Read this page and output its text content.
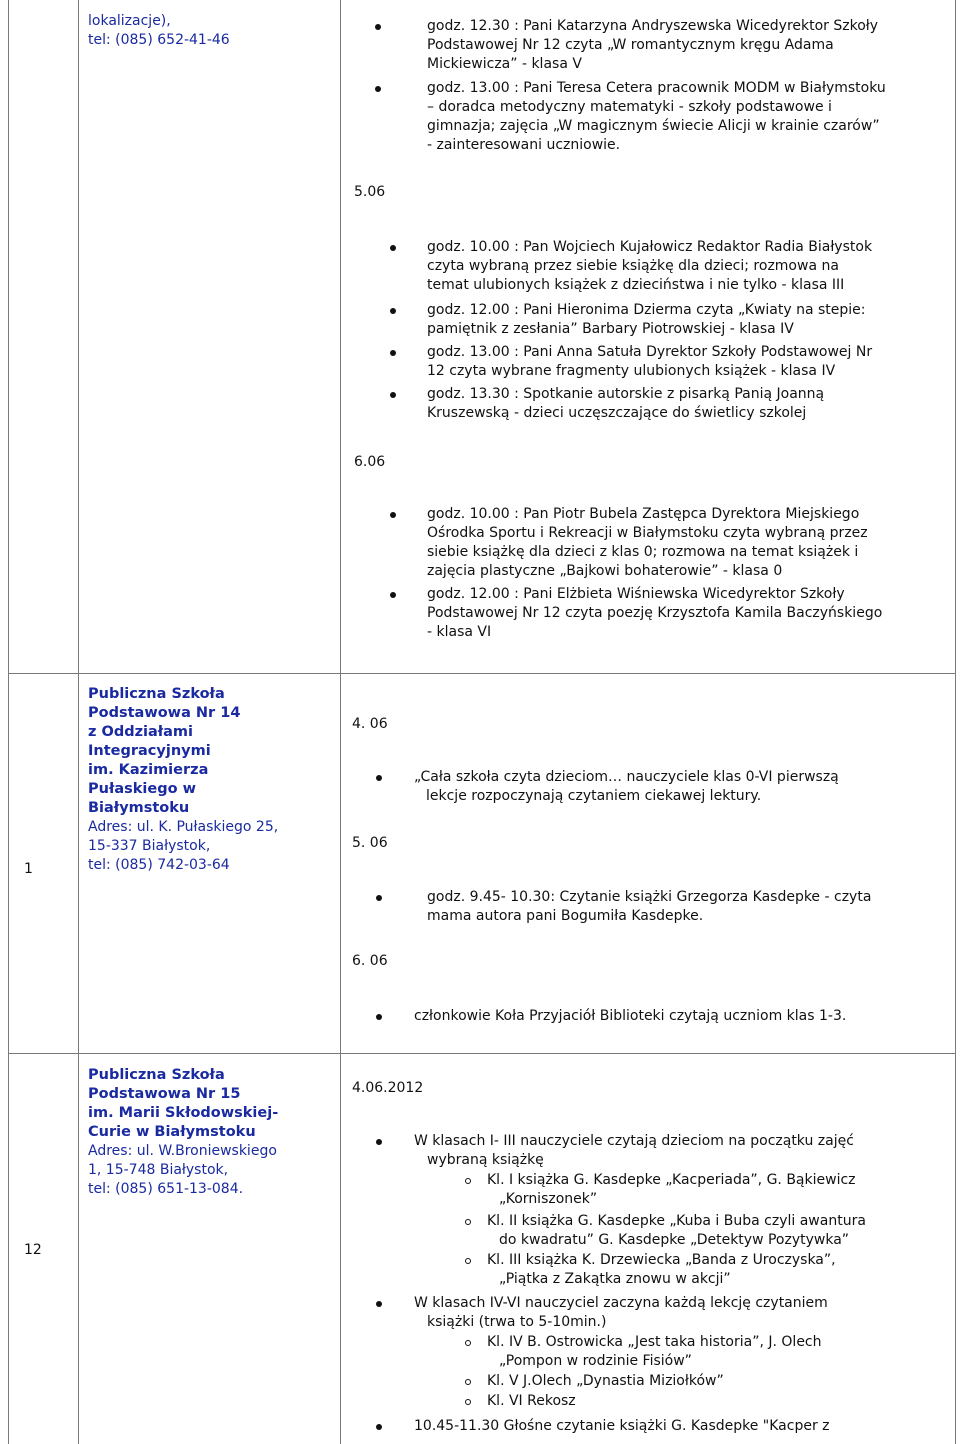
lokalizacje),
tel: (085) 652-41-46
godz. 12.30 : Pani Katarzyna Andryszewska Wicedyrektor Szkoły
Podstawowej Nr 12 czyta „W romantycznym kręgu Adama
Mickiewicza” - klasa V
godz. 13.00 : Pani Teresa Cetera pracownik MODM w Białymstoku
– doradca metodyczny matematyki - szkoły podstawowe i
gimnazja; zajęcia „W magicznym świecie Alicji w krainie czarów”
- zainteresowani uczniowie.
5.06
godz. 10.00 : Pan Wojciech Kujałowicz Redaktor Radia Białystok
czyta wybraną przez siebie książkę dla dzieci; rozmowa na
temat ulubionych książek z dzieciństwa i nie tylko - klasa III
godz. 12.00 : Pani Hieronima Dzierma czyta „Kwiaty na stepie:
pamiętnik z zesłania” Barbary Piotrowskiej - klasa IV
godz. 13.00 : Pani Anna Satuła Dyrektor Szkoły Podstawowej Nr
12 czyta wybrane fragmenty ulubionych książek - klasa IV
godz. 13.30 : Spotkanie autorskie z pisarką Panią Joanną
Kruszewską - dzieci uczęszczające do świetlicy szkolej
6.06
godz. 10.00 : Pan Piotr Bubela Zastępca Dyrektora Miejskiego
Ośrodka Sportu i Rekreacji w Białymstoku czyta wybraną przez
siebie książkę dla dzieci z klas 0; rozmowa na temat książek i
zajęcia plastyczne „Bajkowi bohaterowie” - klasa 0
godz. 12.00 : Pani Elżbieta Wiśniewska Wicedyrektor Szkoły
Podstawowej Nr 12 czyta poezję Krzysztofa Kamila Baczyńskiego
- klasa VI
1
Publiczna Szkoła
Podstawowa Nr 14
z Oddziałami
Integracyjnymi
im. Kazimierza
Pułaskiego w
Białymstoku
Adres: ul. K. Pułaskiego 25,
15-337 Białystok,
tel: (085) 742-03-64
4. 06
„Cała szkoła czyta dzieciom… nauczyciele klas 0-VI pierwszą
lekcje rozpoczynają czytaniem ciekawej lektury.
5. 06
godz. 9.45- 10.30: Czytanie książki Grzegorza Kasdepke - czyta
mama autora pani Bogumiła Kasdepke.
6. 06
członkowie Koła Przyjaciół Biblioteki czytają uczniom klas 1-3.
12
Publiczna Szkoła
Podstawowa Nr 15
im. Marii Skłodowskiej-
Curie w Białymstoku
Adres: ul. W.Broniewskiego
1, 15-748 Białystok,
tel: (085) 651-13-084.
4.06.2012
W klasach I- III nauczyciele czytają dzieciom na początku zajęć
wybraną książkę
Kl. I książka G. Kasdepke „Kacperiada”, G. Bąkiewicz
„Korniszonek”
Kl. II książka G. Kasdepke „Kuba i Buba czyli awantura
do kwadratu” G. Kasdepke „Detektyw Pozytywka”
Kl. III książka K. Drzewiecka „Banda z Uroczyska”,
„Piątka z Zakątka znowu w akcji”
W klasach IV-VI nauczyciel zaczyna każdą lekcję czytaniem
książki (trwa to 5-10min.)
Kl. IV B. Ostrowicka „Jest taka historia”, J. Olech
„Pompon w rodzinie Fisiów”
Kl. V J.Olech „Dynastia Miziołków”
Kl. VI Rekosz
10.45-11.30 Głośne czytanie książki G. Kasdepke "Kacper z
